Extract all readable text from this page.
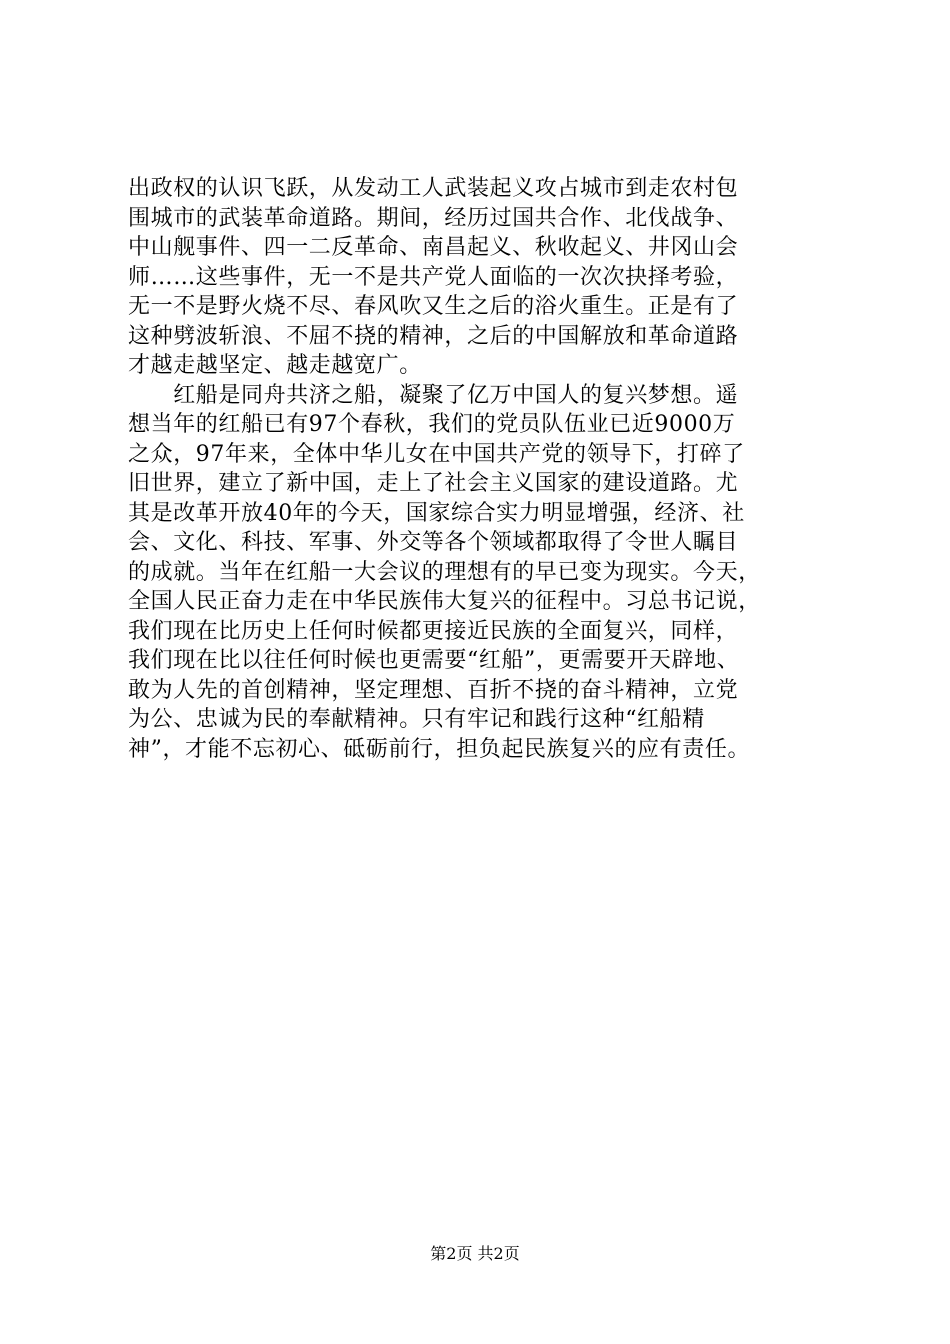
出政权的认识飞跃，从发动工人武装起义攻占城市到走农村包
围城市的武装革命道路。期间，经历过国共合作、北伐战争、
中山舰事件、四一二反革命、南昌起义、秋收起义、井冈山会
师……这些事件，无一不是共产党人面临的一次次抉择考验，
无一不是野火烧不尽、春风吹又生之后的浴火重生。正是有了
这种劈波斩浪、不屈不挠的精神，之后的中国解放和革命道路
才越走越坚定、越走越宽广。
　　红船是同舟共济之船，凝聚了亿万中国人的复兴梦想。遥
想当年的红船已有97个春秋，我们的党员队伍业已近9000万
之众，97年来，全体中华儿女在中国共产党的领导下，打碎了
旧世界，建立了新中国，走上了社会主义国家的建设道路。尤
其是改革开放40年的今天，国家综合实力明显增强，经济、社
会、文化、科技、军事、外交等各个领域都取得了令世人瞩目
的成就。当年在红船一大会议的理想有的早已变为现实。今天，
全国人民正奋力走在中华民族伟大复兴的征程中。习总书记说，
我们现在比历史上任何时候都更接近民族的全面复兴，同样，
我们现在比以往任何时候也更需要“红船”，更需要开天辟地、
敢为人先的首创精神，坚定理想、百折不挠的奋斗精神，立党
为公、忠诚为民的奉献精神。只有牢记和践行这种“红船精
神”，才能不忘初心、砥砺前行，担负起民族复兴的应有责任。
第2页 共2页
